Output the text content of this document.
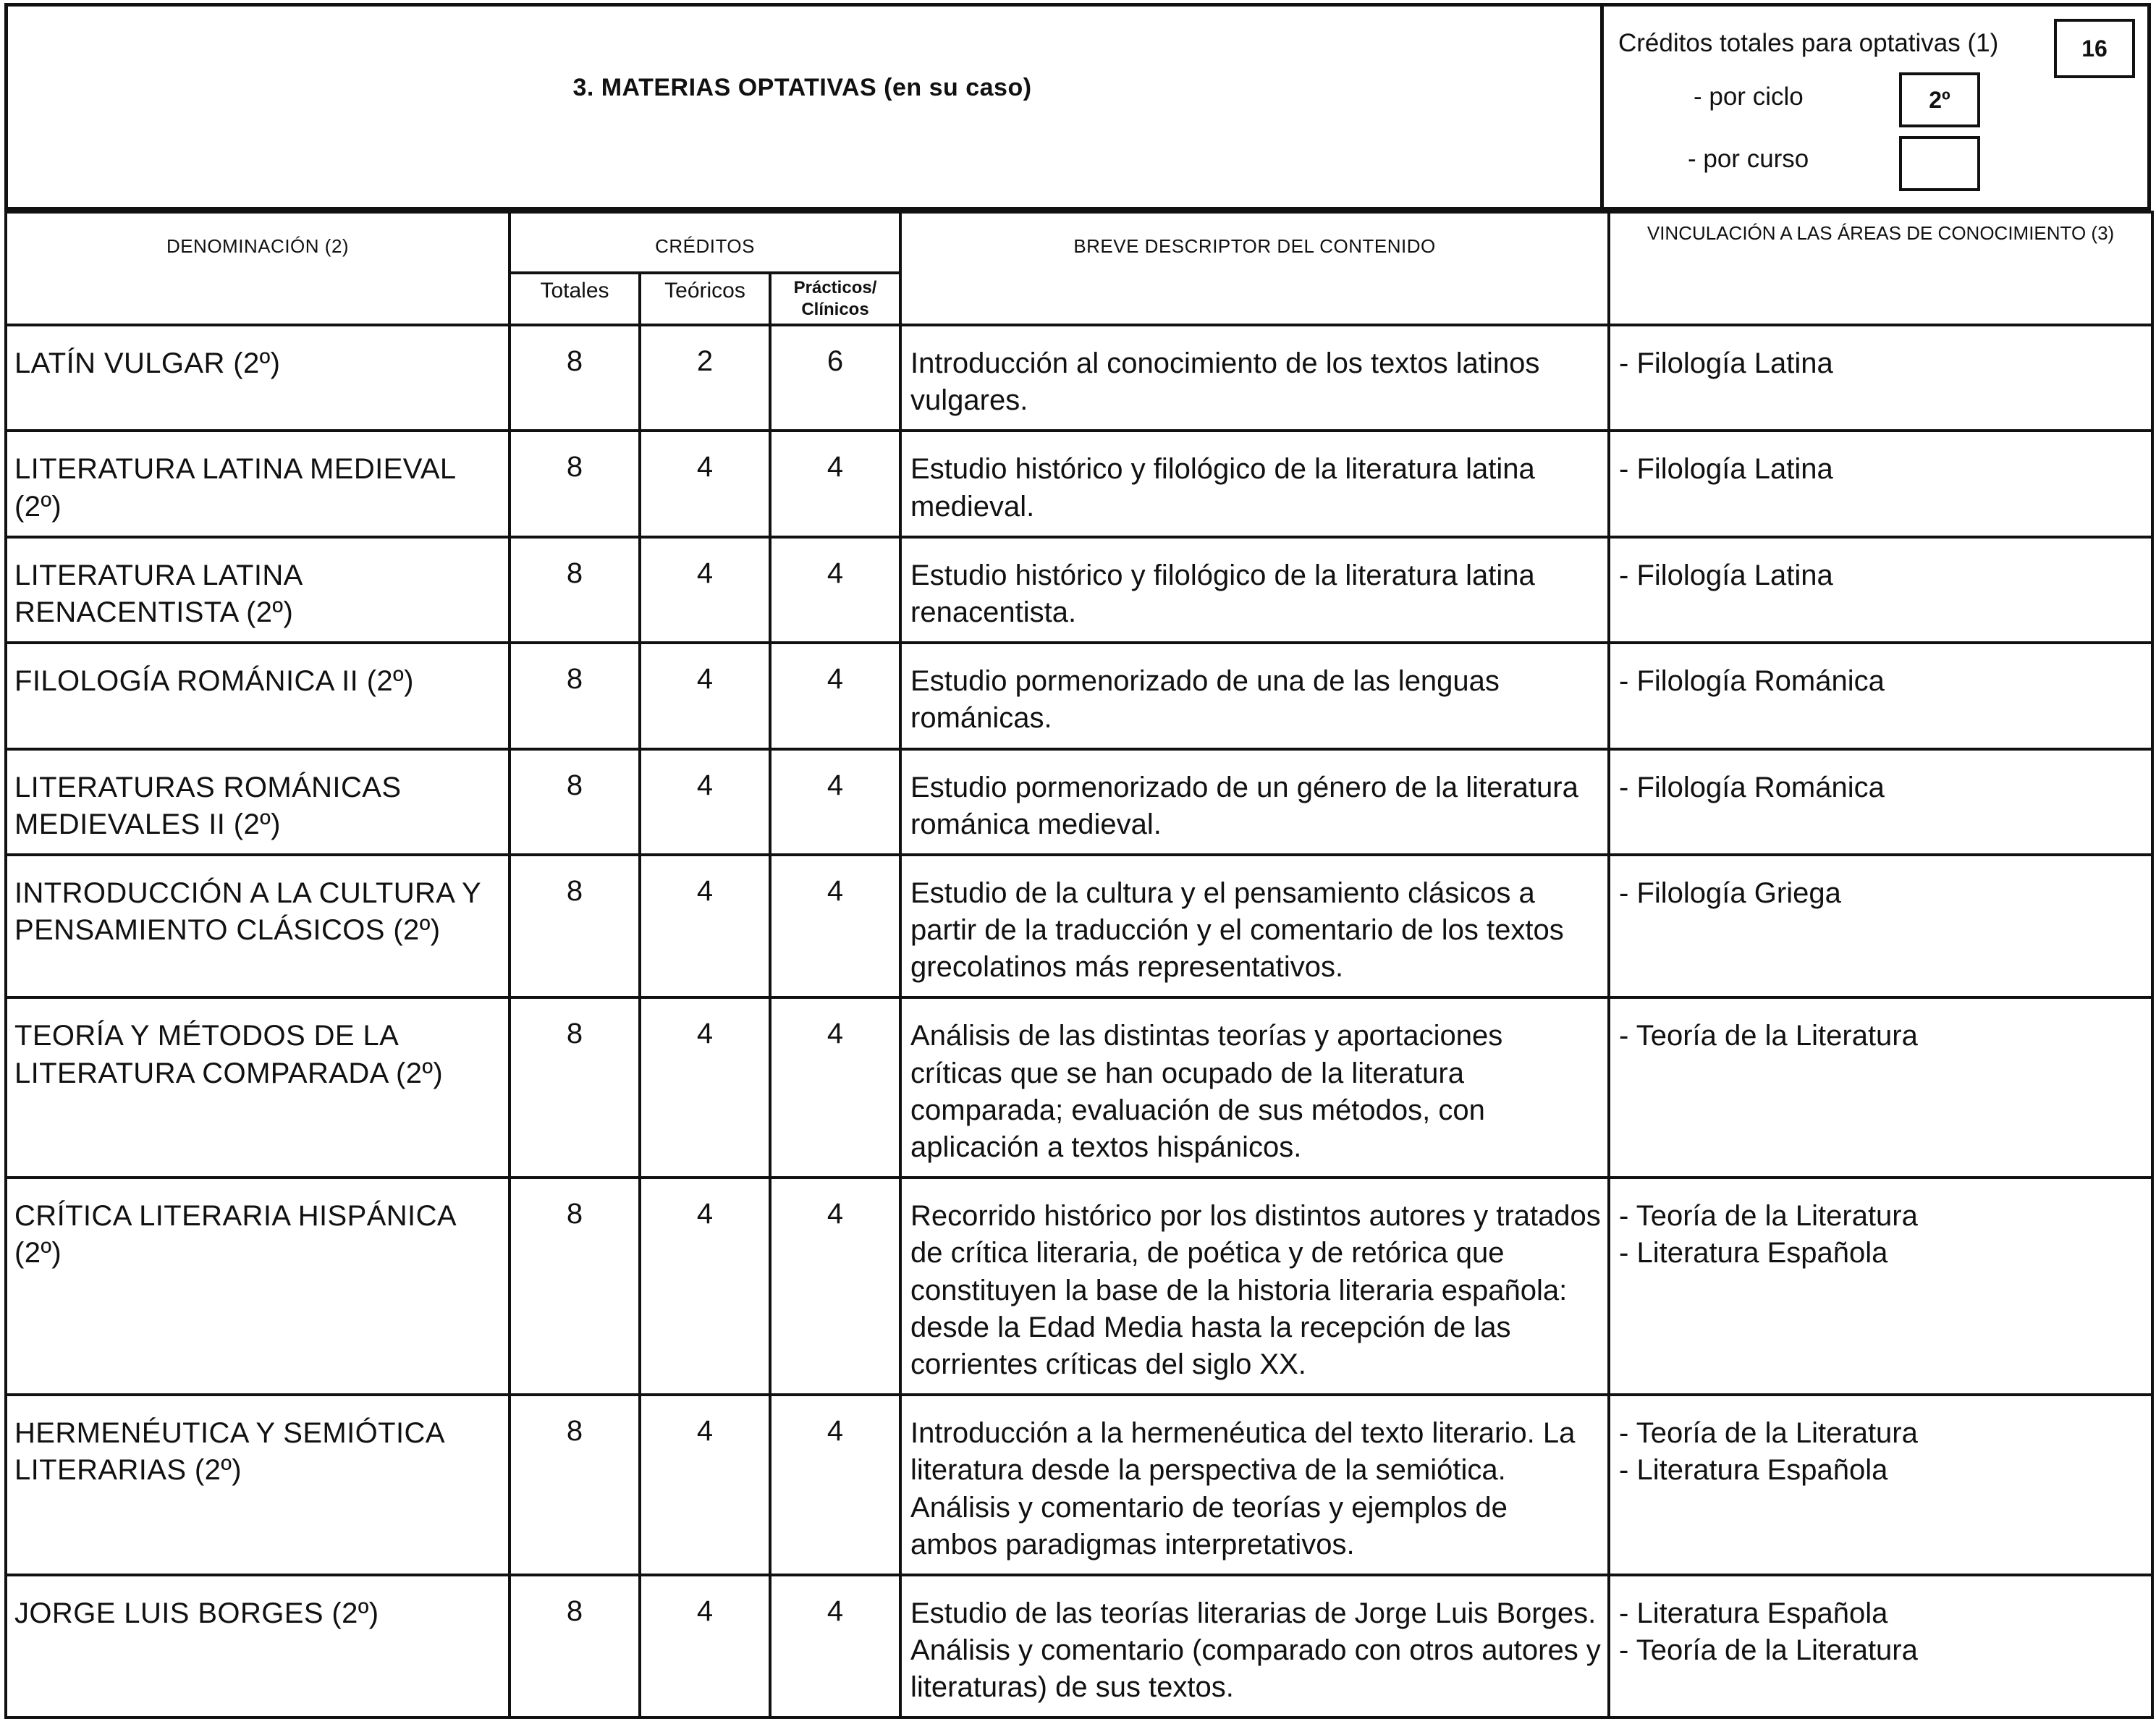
3. MATERIAS OPTATIVAS (en su caso)
Créditos totales para optativas (1)	16
- por ciclo	2º
- por curso
DENOMINACIÓN (2)	CRÉDITOS			BREVE DESCRIPTOR DEL CONTENIDO	VINCULACIÓN A LAS ÁREAS DE CONOCIMIENTO (3)
	Totales	Teóricos	Prácticos/ Clínicos		
LATÍN VULGAR (2º)	8	2	6	Introducción al conocimiento de los textos latinos vulgares.	- Filología Latina
LITERATURA LATINA MEDIEVAL (2º)	8	4	4	Estudio histórico y filológico de la literatura latina medieval.	- Filología Latina
LITERATURA LATINA RENACENTISTA (2º)	8	4	4	Estudio histórico y filológico de la literatura latina renacentista.	- Filología Latina
FILOLOGÍA ROMÁNICA II (2º)	8	4	4	Estudio pormenorizado de una de las lenguas románicas.	- Filología Románica
LITERATURAS ROMÁNICAS MEDIEVALES II (2º)	8	4	4	Estudio pormenorizado de un género de la literatura románica medieval.	- Filología Románica
INTRODUCCIÓN A LA CULTURA Y PENSAMIENTO CLÁSICOS (2º)	8	4	4	Estudio de la cultura y el pensamiento clásicos a partir de la traducción y el comentario de los textos grecolatinos más representativos.	- Filología Griega
TEORÍA Y MÉTODOS DE LA LITERATURA COMPARADA (2º)	8	4	4	Análisis de las distintas teorías y aportaciones críticas que se han ocupado de la literatura comparada; evaluación de sus métodos, con aplicación a textos hispánicos.	- Teoría de la Literatura
CRÍTICA LITERARIA HISPÁNICA (2º)	8	4	4	Recorrido histórico por los distintos autores y tratados de crítica literaria, de poética y de retórica que constituyen la base de la historia literaria española: desde la Edad Media hasta la recepción de las corrientes críticas del siglo XX.	- Teoría de la Literatura
- Literatura Española
HERMENÉUTICA Y SEMIÓTICA LITERARIAS (2º)	8	4	4	Introducción a la hermenéutica del texto literario. La literatura desde la perspectiva de la semiótica. Análisis y comentario de teorías y ejemplos de ambos paradigmas interpretativos.	- Teoría de la Literatura
- Literatura Española
JORGE LUIS BORGES (2º)	8	4	4	Estudio de las teorías literarias de Jorge Luis Borges. Análisis y comentario (comparado con otros autores y literaturas) de sus textos.	- Literatura Española
- Teoría de la Literatura
